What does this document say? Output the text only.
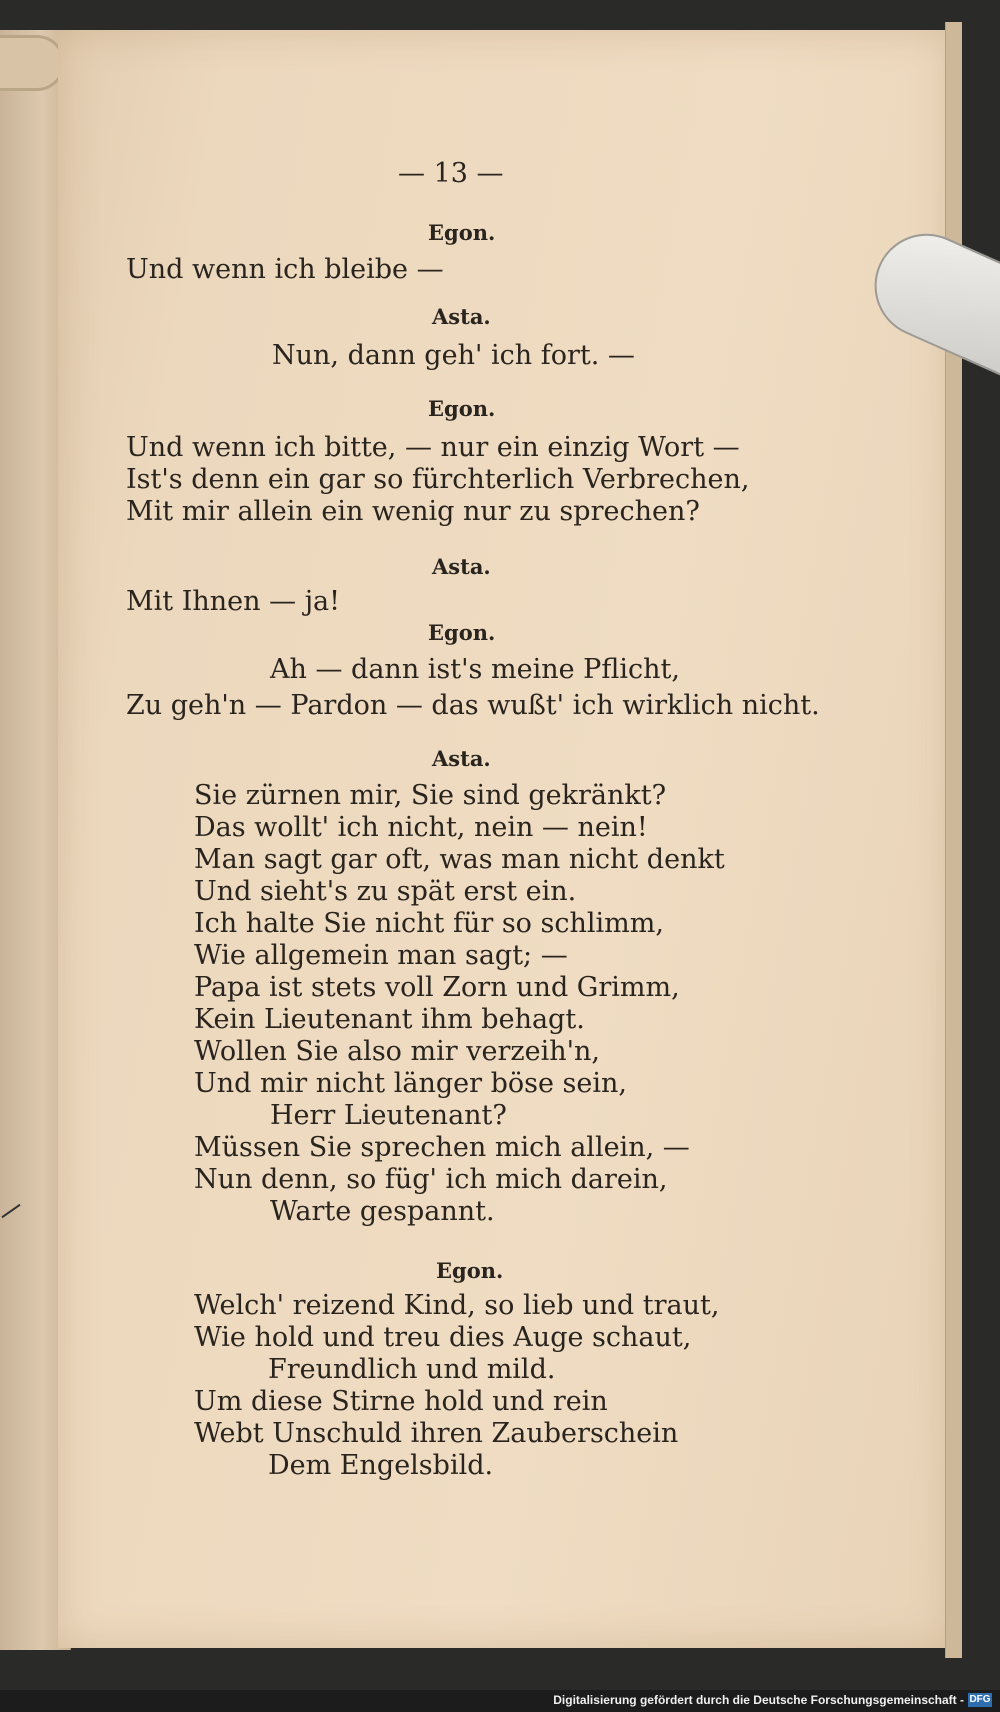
— 13 —
Egon.
Und wenn ich bleibe —
Asta.
Nun, dann geh' ich fort. —
Egon.
Und wenn ich bitte, — nur ein einzig Wort —
Ist's denn ein gar so fürchterlich Verbrechen,
Mit mir allein ein wenig nur zu sprechen?
Asta.
Mit Ihnen — ja!
Egon.
Ah — dann ist's meine Pflicht,
Zu geh'n — Pardon — das wußt' ich wirklich nicht.
Asta.
Sie zürnen mir, Sie sind gekränkt?
Das wollt' ich nicht, nein — nein!
Man sagt gar oft, was man nicht denkt
Und sieht's zu spät erst ein.
Ich halte Sie nicht für so schlimm,
Wie allgemein man sagt; —
Papa ist stets voll Zorn und Grimm,
Kein Lieutenant ihm behagt.
Wollen Sie also mir verzeih'n,
Und mir nicht länger böse sein,
Herr Lieutenant?
Müssen Sie sprechen mich allein, —
Nun denn, so füg' ich mich darein,
Warte gespannt.
Egon.
Welch' reizend Kind, so lieb und traut,
Wie hold und treu dies Auge schaut,
Freundlich und mild.
Um diese Stirne hold und rein
Webt Unschuld ihren Zauberschein
Dem Engelsbild.
Digitalisierung gefördert durch die Deutsche Forschungsgemeinschaft - DFG
